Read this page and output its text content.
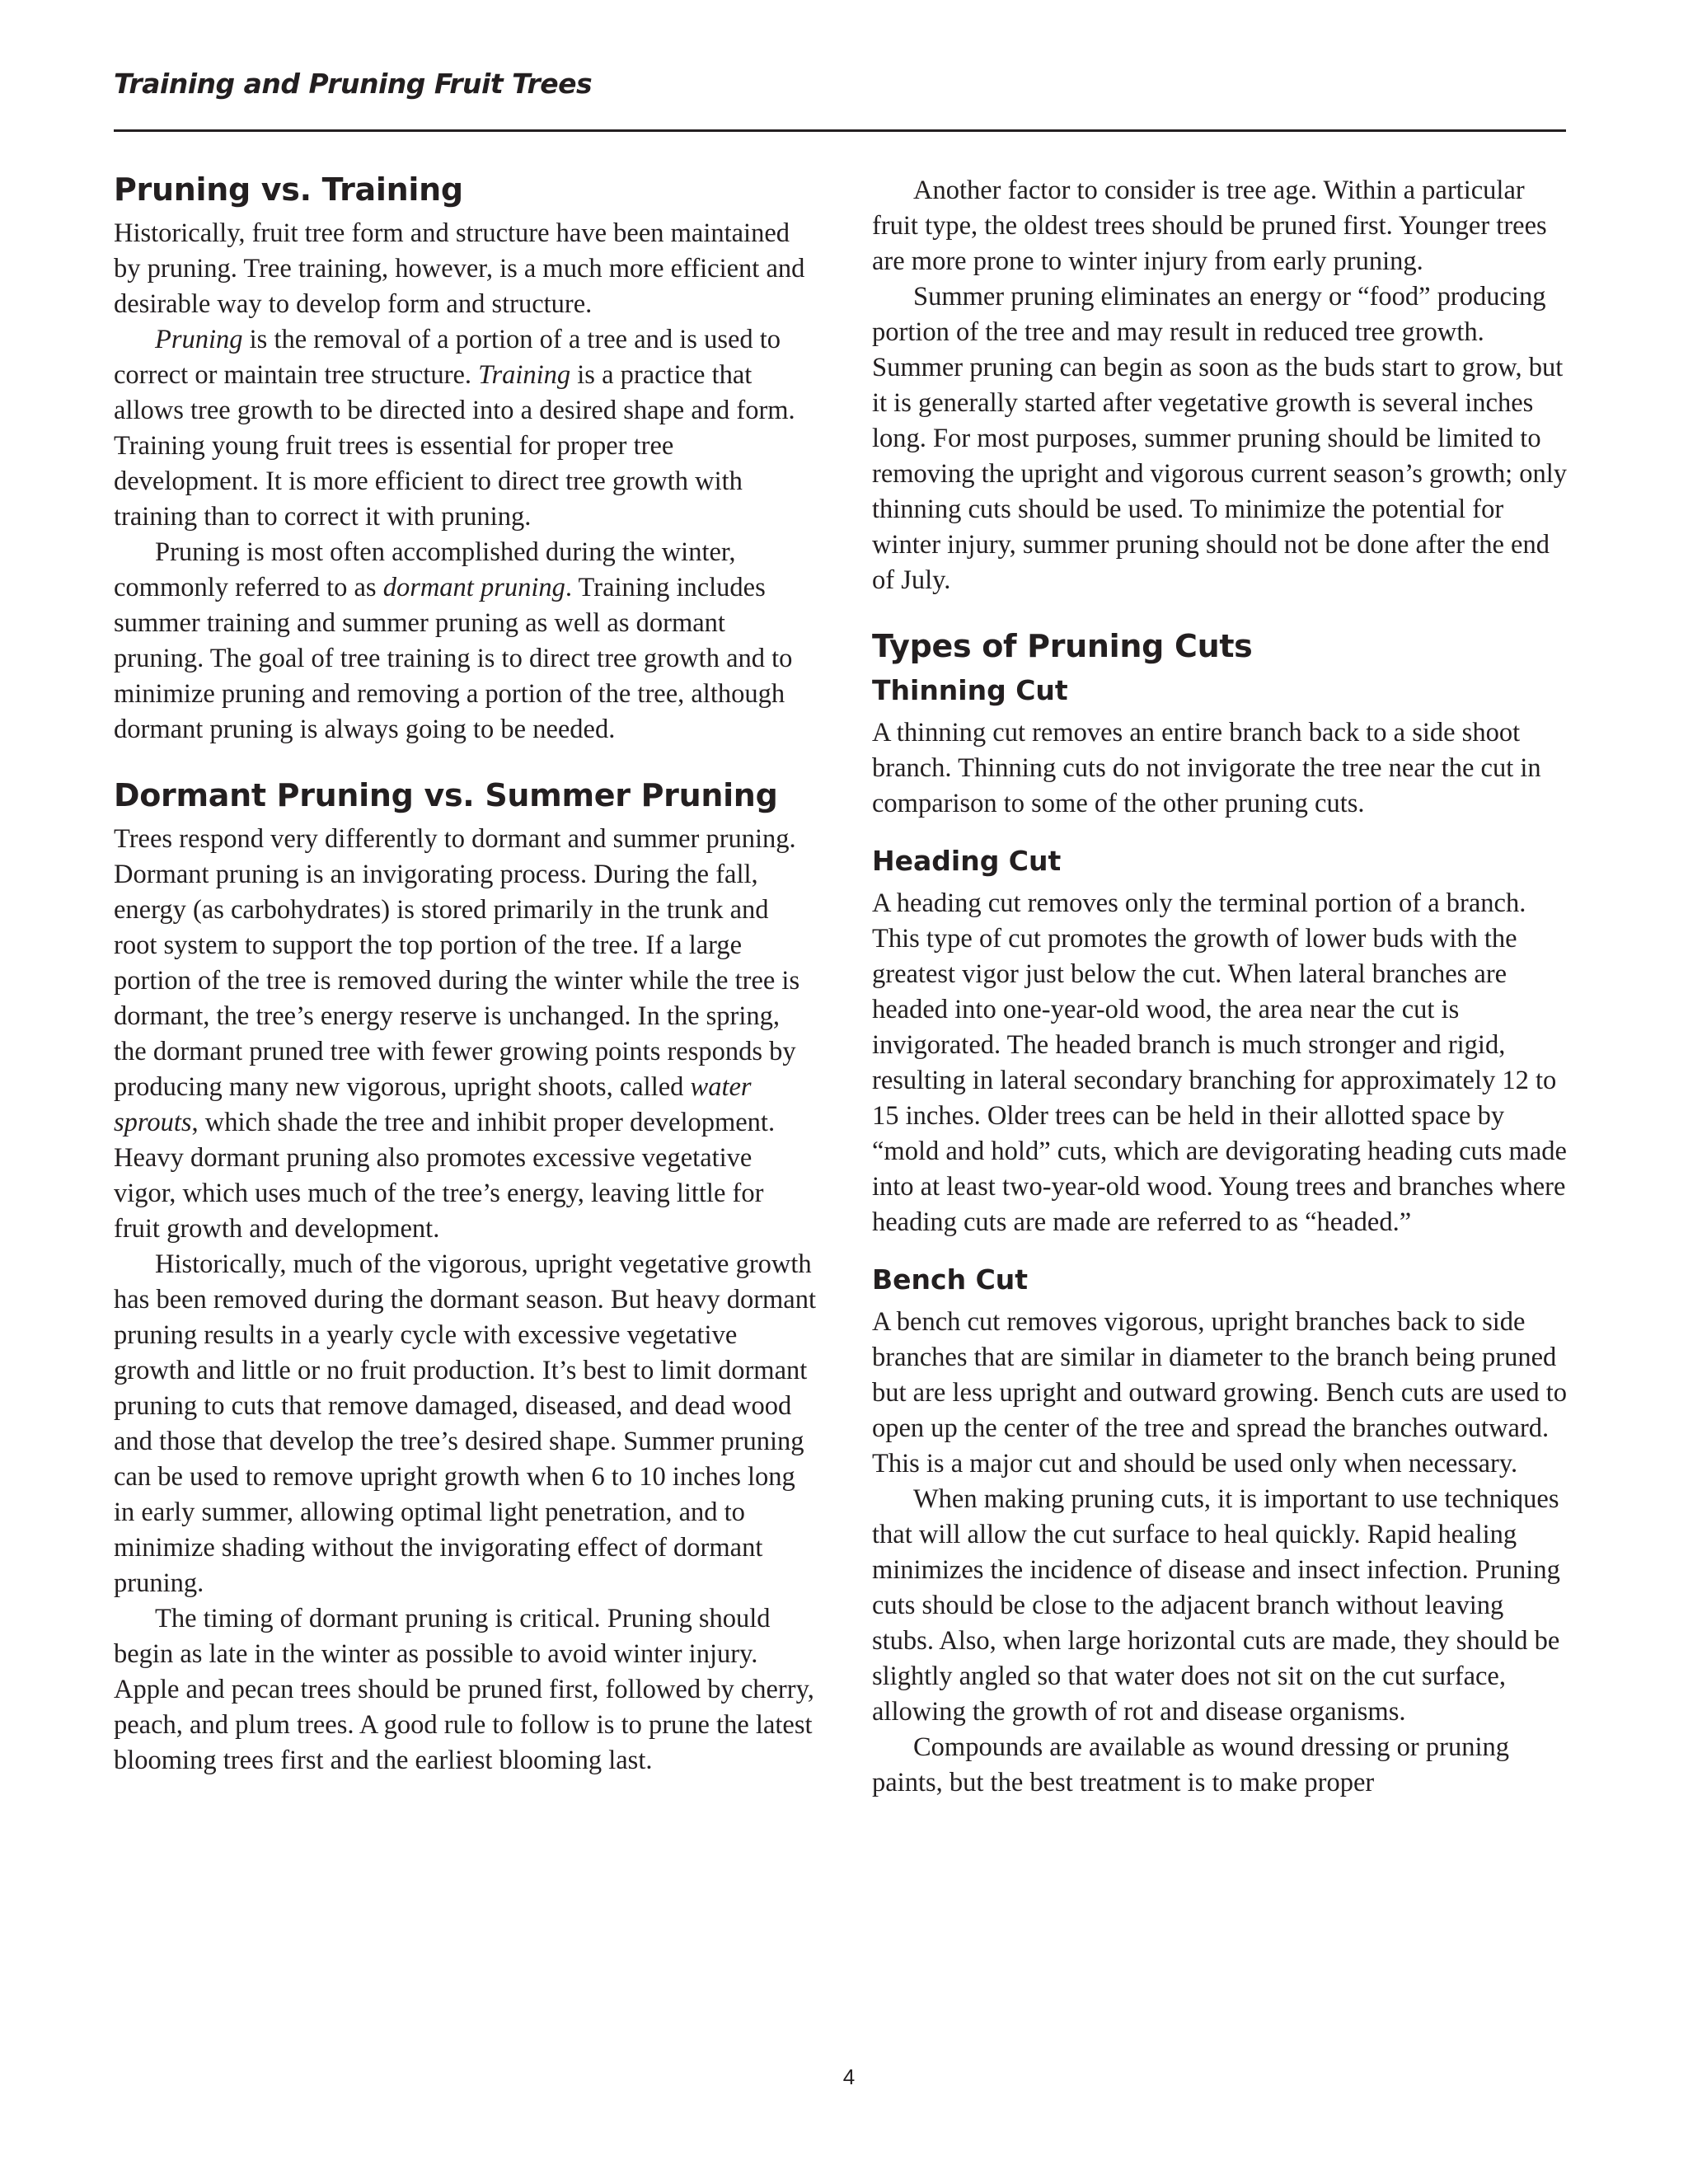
Training and Pruning Fruit Trees
Pruning vs. Training

Historically, fruit tree form and structure have been maintained by pruning. Tree training, however, is a much more efficient and desirable way to develop form and structure.

Pruning is the removal of a portion of a tree and is used to correct or maintain tree structure. Training is a practice that allows tree growth to be directed into a desired shape and form. Training young fruit trees is essential for proper tree development. It is more efficient to direct tree growth with training than to correct it with pruning.

Pruning is most often accomplished during the winter, commonly referred to as dormant pruning. Training includes summer training and summer pruning as well as dormant pruning. The goal of tree training is to direct tree growth and to minimize pruning and removing a portion of the tree, although dormant pruning is always going to be needed.

Dormant Pruning vs. Summer Pruning

Trees respond very differently to dormant and summer pruning. Dormant pruning is an invigorating process. During the fall, energy (as carbohydrates) is stored primarily in the trunk and root system to support the top portion of the tree. If a large portion of the tree is removed during the winter while the tree is dormant, the tree’s energy reserve is unchanged. In the spring, the dormant pruned tree with fewer growing points responds by producing many new vigorous, upright shoots, called water sprouts, which shade the tree and inhibit proper development. Heavy dormant pruning also promotes excessive vegetative vigor, which uses much of the tree’s energy, leaving little for fruit growth and development.

Historically, much of the vigorous, upright vegetative growth has been removed during the dormant season. But heavy dormant pruning results in a yearly cycle with excessive vegetative growth and little or no fruit production. It’s best to limit dormant pruning to cuts that remove damaged, diseased, and dead wood and those that develop the tree’s desired shape. Summer pruning can be used to remove upright growth when 6 to 10 inches long in early summer, allowing optimal light penetration, and to minimize shading without the invigorating effect of dormant pruning.

The timing of dormant pruning is critical. Pruning should begin as late in the winter as possible to avoid winter injury. Apple and pecan trees should be pruned first, followed by cherry, peach, and plum trees. A good rule to follow is to prune the latest blooming trees first and the earliest blooming last.

Another factor to consider is tree age. Within a particular fruit type, the oldest trees should be pruned first. Younger trees are more prone to winter injury from early pruning.

Summer pruning eliminates an energy or “food” producing portion of the tree and may result in reduced tree growth. Summer pruning can begin as soon as the buds start to grow, but it is generally started after vegetative growth is several inches long. For most purposes, summer pruning should be limited to removing the upright and vigorous current season’s growth; only thinning cuts should be used. To minimize the potential for winter injury, summer pruning should not be done after the end of July.

Types of Pruning Cuts
Thinning Cut

A thinning cut removes an entire branch back to a side shoot branch. Thinning cuts do not invigorate the tree near the cut in comparison to some of the other pruning cuts.

Heading Cut

A heading cut removes only the terminal portion of a branch. This type of cut promotes the growth of lower buds with the greatest vigor just below the cut. When lateral branches are headed into one-year-old wood, the area near the cut is invigorated. The headed branch is much stronger and rigid, resulting in lateral secondary branching for approximately 12 to 15 inches. Older trees can be held in their allotted space by “mold and hold” cuts, which are devigorating heading cuts made into at least two-year-old wood. Young trees and branches where heading cuts are made are referred to as “headed.”

Bench Cut

A bench cut removes vigorous, upright branches back to side branches that are similar in diameter to the branch being pruned but are less upright and outward growing. Bench cuts are used to open up the center of the tree and spread the branches outward. This is a major cut and should be used only when necessary.

When making pruning cuts, it is important to use techniques that will allow the cut surface to heal quickly. Rapid healing minimizes the incidence of disease and insect infection. Pruning cuts should be close to the adjacent branch without leaving stubs. Also, when large horizontal cuts are made, they should be slightly angled so that water does not sit on the cut surface, allowing the growth of rot and disease organisms.

Compounds are available as wound dressing or pruning paints, but the best treatment is to make proper

4
